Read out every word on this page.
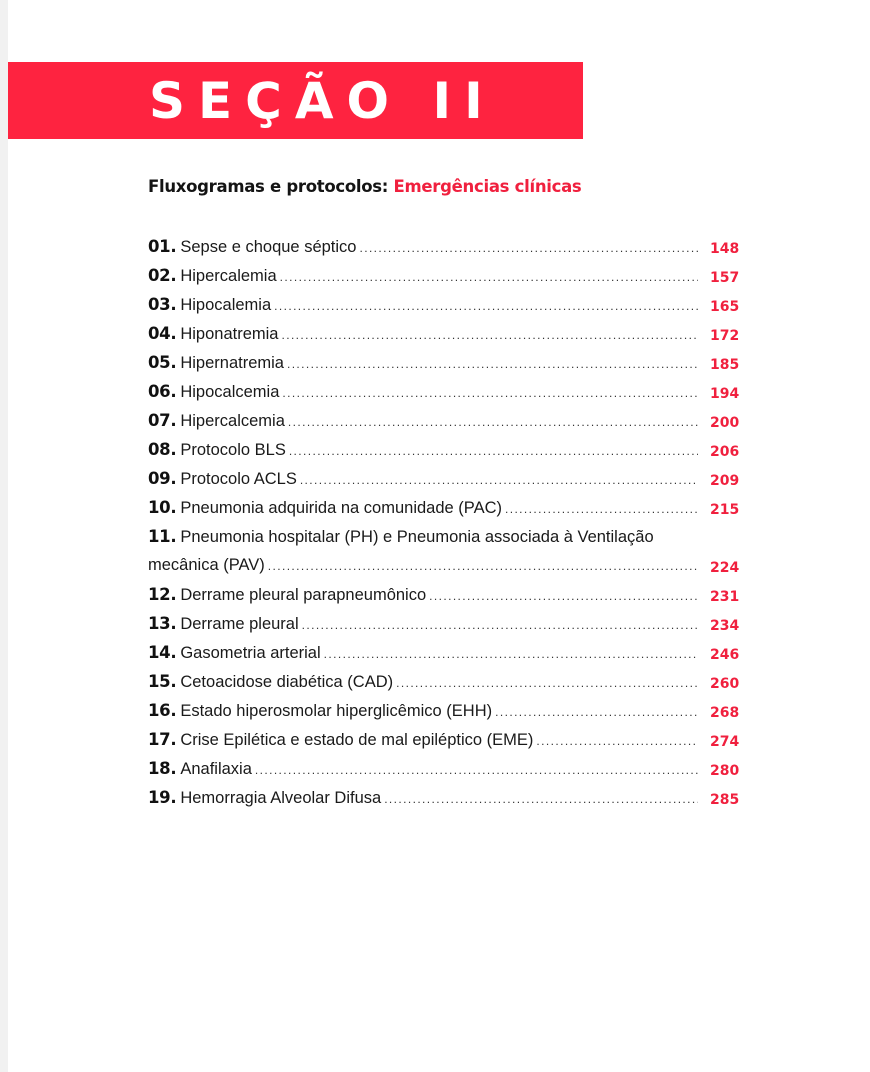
SEÇÃO II
Fluxogramas e protocolos: Emergências clínicas
01. Sepse e choque séptico .....	148
02. Hipercalemia .....	157
03. Hipocalemia .....	165
04. Hiponatremia .....	172
05. Hipernatremia .....	185
06. Hipocalcemia .....	194
07. Hipercalcemia .....	200
08. Protocolo BLS .....	206
09. Protocolo ACLS .....	209
10. Pneumonia adquirida na comunidade (PAC) .....	215
11. Pneumonia hospitalar (PH) e Pneumonia associada à Ventilação
mecânica (PAV) .....	224
12. Derrame pleural parapneumônico .....	231
13. Derrame pleural .....	234
14. Gasometria arterial .....	246
15. Cetoacidose diabética (CAD) .....	260
16. Estado hiperosmolar hiperglicêmico (EHH) .....	268
17. Crise Epilética e estado de mal epiléptico (EME) .....	274
18. Anafilaxia .....	280
19. Hemorragia Alveolar Difusa .....	285
